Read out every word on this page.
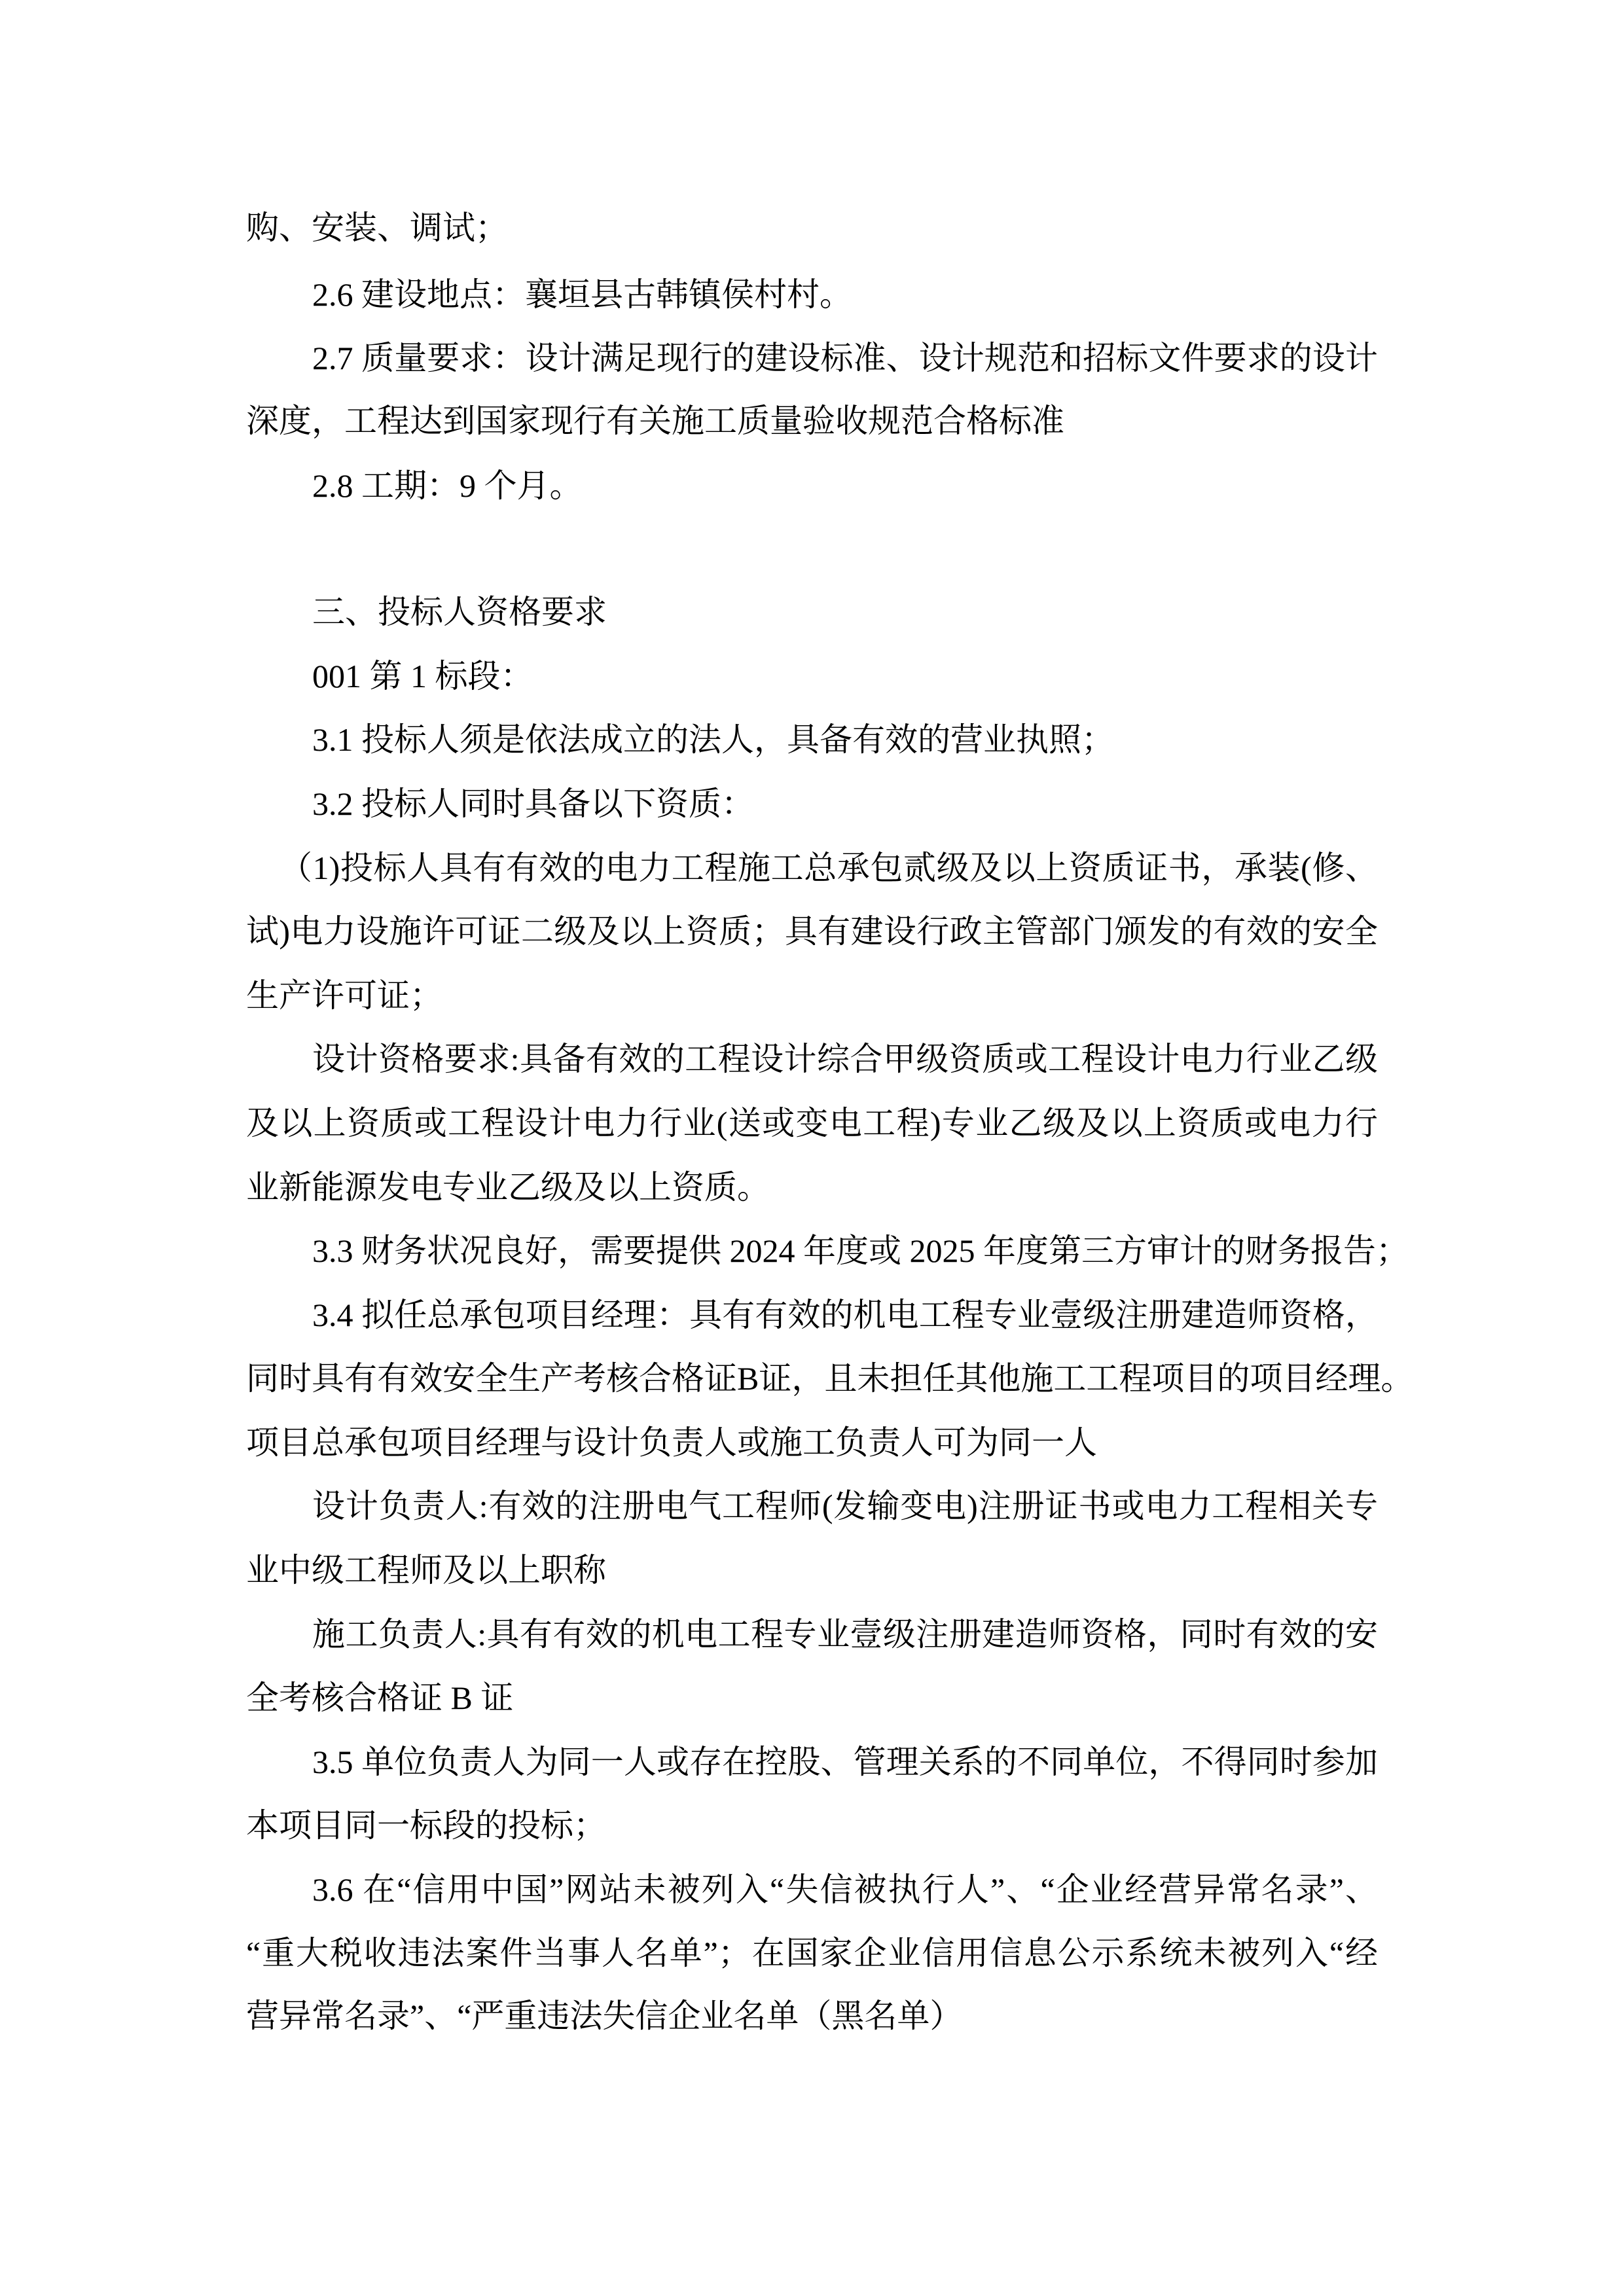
购、安装、调试；
2.6 建设地点：襄垣县古韩镇侯村村。
2.7 质量要求：设计满足现行的建设标准、设计规范和招标文件要求的设计
深度，工程达到国家现行有关施工质量验收规范合格标准
2.8 工期：9 个月。
三、投标人资格要求
001 第 1 标段：
3.1 投标人须是依法成立的法人，具备有效的营业执照；
3.2 投标人同时具备以下资质：
（1)投标人具有有效的电力工程施工总承包贰级及以上资质证书，承装(修、
试)电力设施许可证二级及以上资质；具有建设行政主管部门颁发的有效的安全
生产许可证；
设计资格要求:具备有效的工程设计综合甲级资质或工程设计电力行业乙级
及以上资质或工程设计电力行业(送或变电工程)专业乙级及以上资质或电力行
业新能源发电专业乙级及以上资质。
3.3 财务状况良好，需要提供 2024 年度或 2025 年度第三方审计的财务报告；
3.4 拟任总承包项目经理：具有有效的机电工程专业壹级注册建造师资格，
同时具有有效安全生产考核合格证B证，且未担任其他施工工程项目的项目经理。
项目总承包项目经理与设计负责人或施工负责人可为同一人
设计负责人:有效的注册电气工程师(发输变电)注册证书或电力工程相关专
业中级工程师及以上职称
施工负责人:具有有效的机电工程专业壹级注册建造师资格，同时有效的安
全考核合格证 B 证
3.5 单位负责人为同一人或存在控股、管理关系的不同单位，不得同时参加
本项目同一标段的投标；
3.6 在“信用中国”网站未被列入“失信被执行人”、“企业经营异常名录”、
“重大税收违法案件当事人名单”；在国家企业信用信息公示系统未被列入“经
营异常名录”、“严重违法失信企业名单（黑名单）
